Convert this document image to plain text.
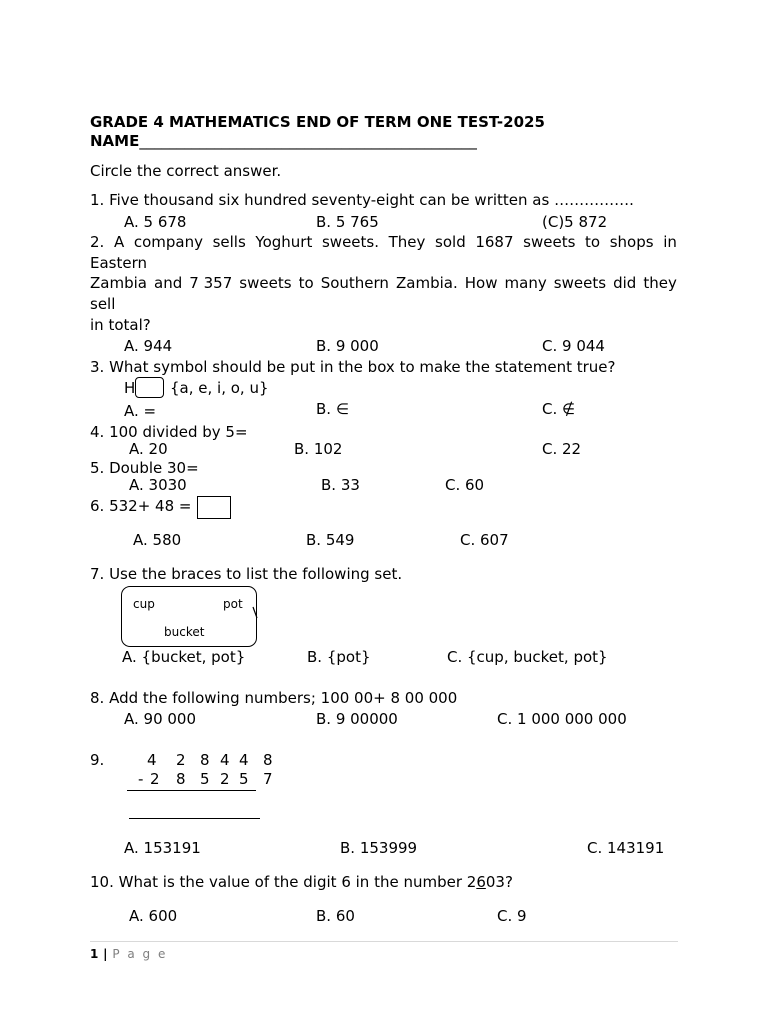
GRADE 4 MATHEMATICS END OF TERM ONE TEST-2025
NAME_____________________________________________
Circle the correct answer.
1. Five thousand six hundred seventy-eight can be written as …………….
A. 5 678	B. 5 765	(C)5 872
2. A company sells Yoghurt sweets. They sold 1687 sweets to shops in
Eastern
Zambia and 7 357 sweets to Southern Zambia. How many sweets did they
sell
in total?
A. 944	B. 9 000	C. 9 044
3. What symbol should be put in the box to make the statement true?
H {a, e, i, o, u}
A. =	B. ∈	C. ∉
4. 100 divided by 5=
A. 20	B. 102	C. 22
5. Double 30=
A. 3030	B. 33	C. 60
6. 532+ 48 =
A. 580	B. 549	C. 607
7. Use the braces to list the following set.
cup	pot
bucket
A. {bucket, pot}	B. {pot}	C. {cup, bucket, pot}
8. Add the following numbers; 100 00+ 8 00 000
A. 90 000	B. 9 00000	C. 1 000 000 000
9.	4 2 8 4 4 8
- 2 8 5 2 5 7
A. 153191	B. 153999	C. 143191
10. What is the value of the digit 6 in the number 2603?
A. 600	B. 60	C. 9
1 | P a g e
